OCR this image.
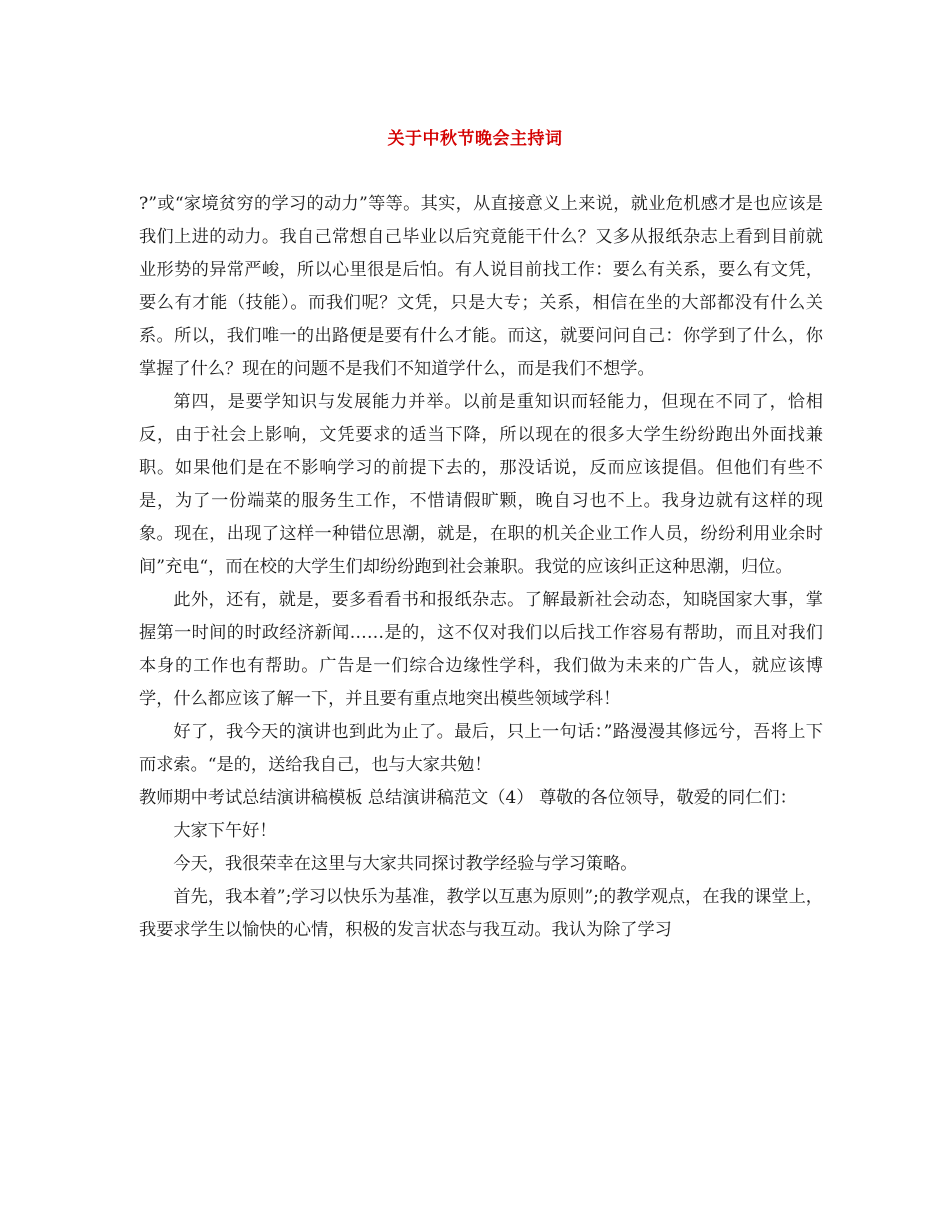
关于中秋节晚会主持词

?”或“家境贫穷的学习的动力”等等。其实，从直接意义上来说，就业危机感才是也应该是我们上进的动力。我自己常想自己毕业以后究竟能干什么？又多从报纸杂志上看到目前就业形势的异常严峻，所以心里很是后怕。有人说目前找工作：要么有关系，要么有文凭，要么有才能（技能）。而我们呢？文凭，只是大专；关系，相信在坐的大部都没有什么关系。所以，我们唯一的出路便是要有什么才能。而这，就要问问自己：你学到了什么，你掌握了什么？现在的问题不是我们不知道学什么，而是我们不想学。

第四，是要学知识与发展能力并举。以前是重知识而轻能力，但现在不同了，恰相反，由于社会上影响，文凭要求的适当下降，所以现在的很多大学生纷纷跑出外面找兼职。如果他们是在不影响学习的前提下去的，那没话说，反而应该提倡。但他们有些不是，为了一份端菜的服务生工作，不惜请假旷颗，晚自习也不上。我身边就有这样的现象。现在，出现了这样一种错位思潮，就是，在职的机关企业工作人员，纷纷利用业余时间”充电“，而在校的大学生们却纷纷跑到社会兼职。我觉的应该纠正这种思潮，归位。

此外，还有，就是，要多看看书和报纸杂志。了解最新社会动态，知晓国家大事，掌握第一时间的时政经济新闻……是的，这不仅对我们以后找工作容易有帮助，而且对我们本身的工作也有帮助。广告是一们综合边缘性学科，我们做为未来的广告人，就应该博学，什么都应该了解一下，并且要有重点地突出模些领域学科！

好了，我今天的演讲也到此为止了。最后，只上一句话：”路漫漫其修远兮，吾将上下而求索。“是的，送给我自己，也与大家共勉！

教师期中考试总结演讲稿模板 总结演讲稿范文（4） 尊敬的各位领导，敬爱的同仁们：

大家下午好！

今天，我很荣幸在这里与大家共同探讨教学经验与学习策略。

首先，我本着”;学习以快乐为基准，教学以互惠为原则”;的教学观点，在我的课堂上，我要求学生以愉快的心情，积极的发言状态与我互动。我认为除了学习
